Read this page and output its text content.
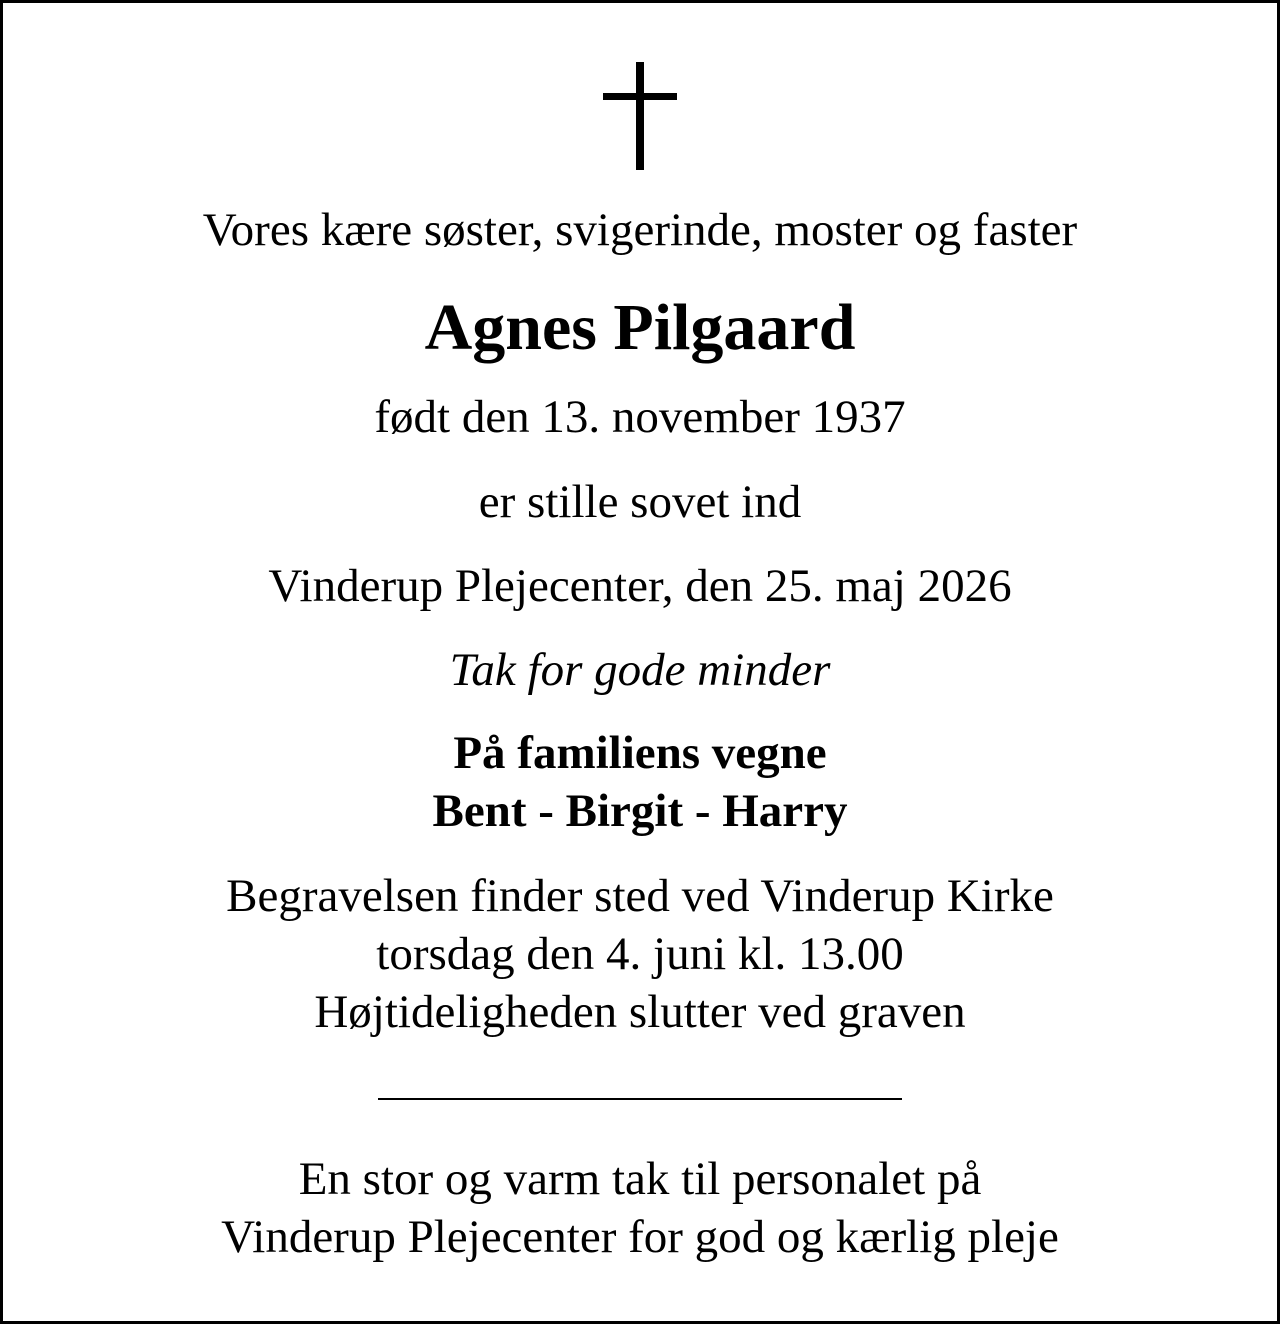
Vores kære søster, svigerinde, moster og faster
Agnes Pilgaard
født den 13. november 1937
er stille sovet ind
Vinderup Plejecenter, den 25. maj 2026
Tak for gode minder
På familiens vegne
Bent - Birgit - Harry
Begravelsen finder sted ved Vinderup Kirke
torsdag den 4. juni kl. 13.00
Højtideligheden slutter ved graven
En stor og varm tak til personalet på
Vinderup Plejecenter for god og kærlig pleje
